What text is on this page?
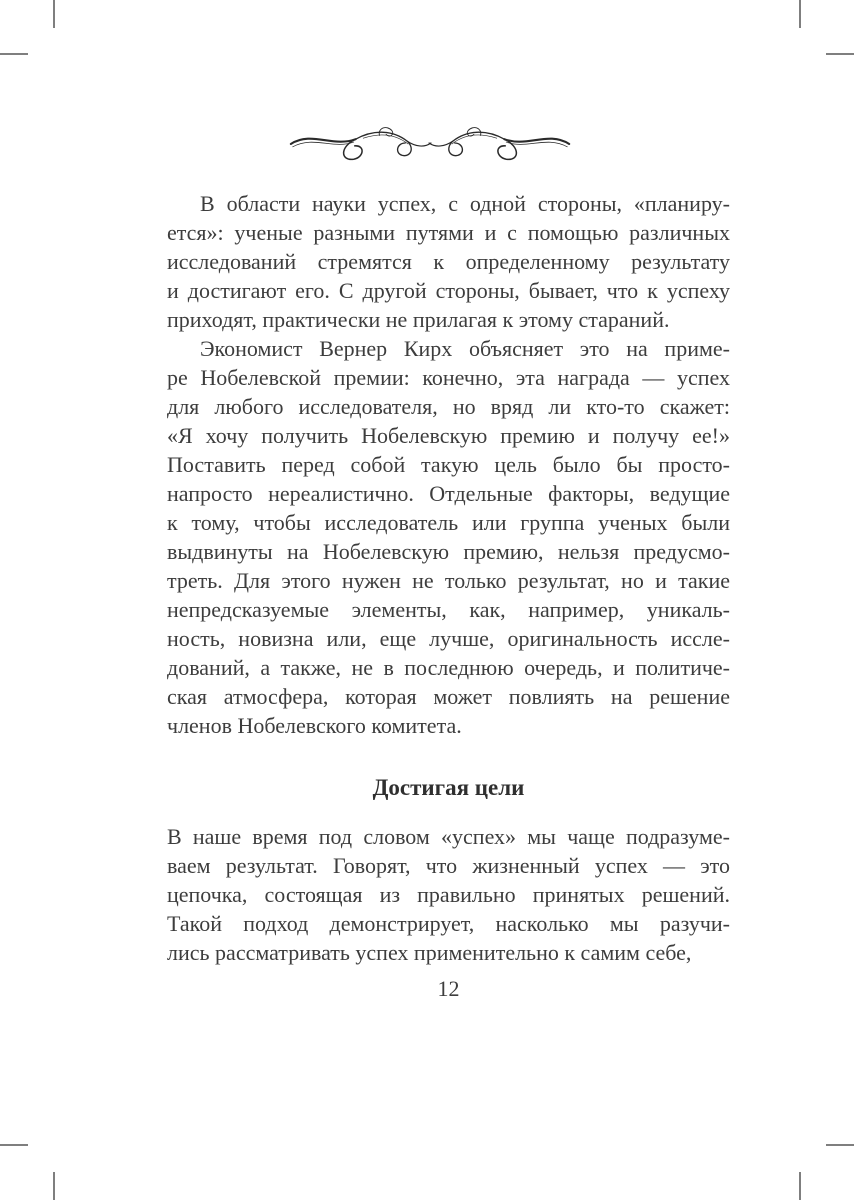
В области науки успех, с одной стороны, «планиру-
ется»: ученые разными путями и с помощью различных
исследований стремятся к определенному результату
и достигают его. С другой стороны, бывает, что к успеху
приходят, практически не прилагая к этому стараний.
Экономист Вернер Кирх объясняет это на приме-
ре Нобелевской премии: конечно, эта награда — успех
для любого исследователя, но вряд ли кто-то скажет:
«Я хочу получить Нобелевскую премию и получу ее!»
Поставить перед собой такую цель было бы просто-
напросто нереалистично. Отдельные факторы, ведущие
к тому, чтобы исследователь или группа ученых были
выдвинуты на Нобелевскую премию, нельзя предусмо-
треть. Для этого нужен не только результат, но и такие
непредсказуемые элементы, как, например, уникаль-
ность, новизна или, еще лучше, оригинальность иссле-
дований, а также, не в последнюю очередь, и политиче-
ская атмосфера, которая может повлиять на решение
членов Нобелевского комитета.
Достигая цели
В наше время под словом «успех» мы чаще подразуме-
ваем результат. Говорят, что жизненный успех — это
цепочка, состоящая из правильно принятых решений.
Такой подход демонстрирует, насколько мы разучи-
лись рассматривать успех применительно к самим себе,
12
